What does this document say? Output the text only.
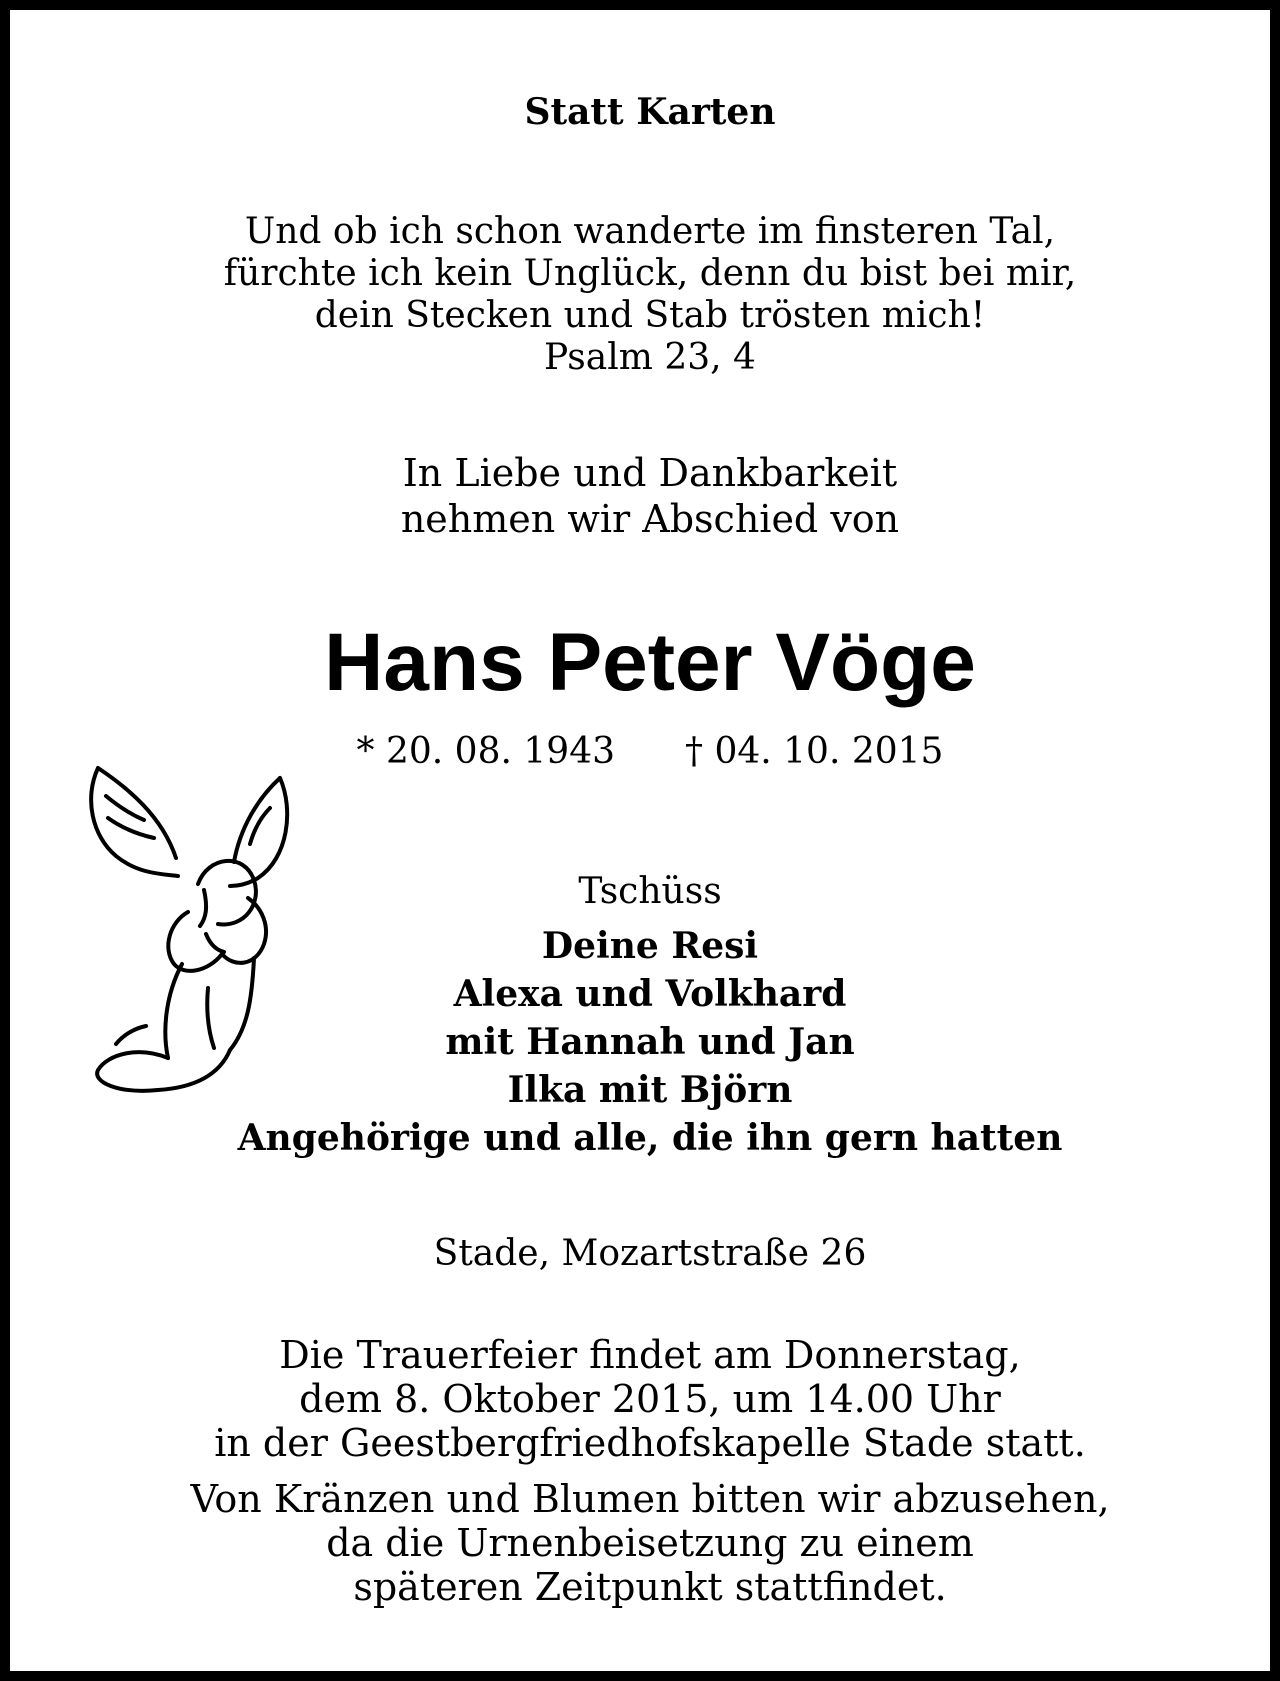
Statt Karten
Und ob ich schon wanderte im finsteren Tal,
fürchte ich kein Unglück, denn du bist bei mir,
dein Stecken und Stab trösten mich!
Psalm 23, 4
In Liebe und Dankbarkeit
nehmen wir Abschied von
Hans Peter Vöge
* 20. 08. 1943 † 04. 10. 2015
Tschüss
Deine Resi
Alexa und Volkhard
mit Hannah und Jan
Ilka mit Björn
Angehörige und alle, die ihn gern hatten
Stade, Mozartstraße 26
Die Trauerfeier findet am Donnerstag,
dem 8. Oktober 2015, um 14.00 Uhr
in der Geestbergfriedhofskapelle Stade statt.
Von Kränzen und Blumen bitten wir abzusehen,
da die Urnenbeisetzung zu einem
späteren Zeitpunkt stattfindet.
